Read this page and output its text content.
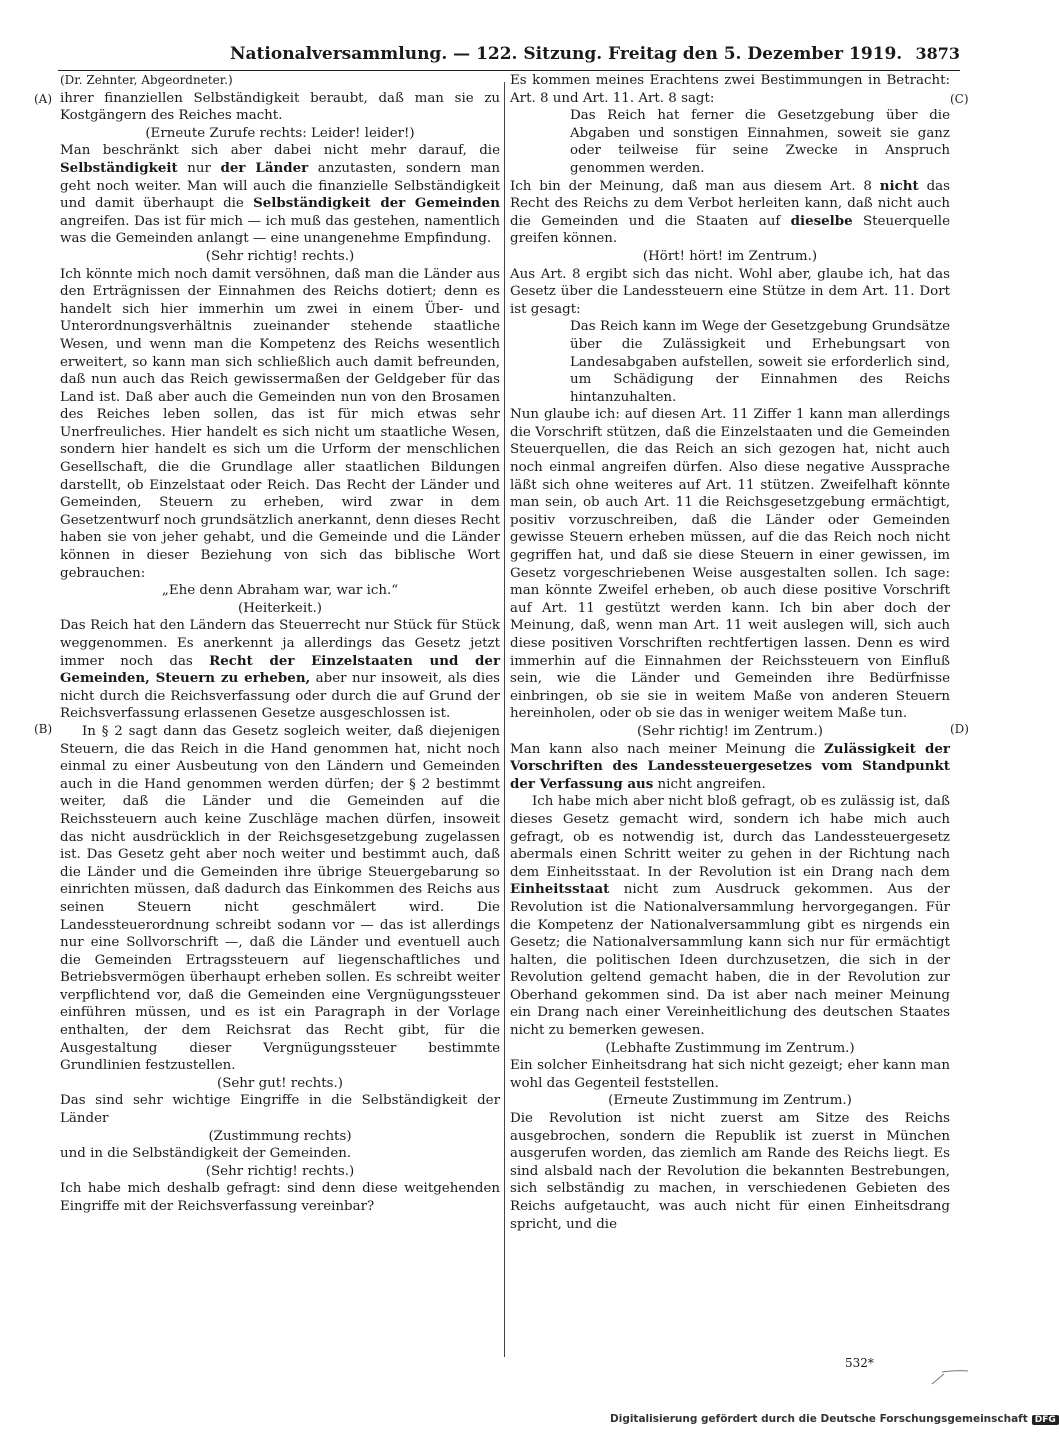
Nationalversammlung. — 122. Sitzung. Freitag den 5. Dezember 1919. 3873
(A)
(B)
(C)
(D)

(Dr. Zehnter, Abgeordneter.)

ihrer finanziellen Selbständigkeit beraubt, daß man sie zu Kostgängern des Reiches macht.

(Erneute Zurufe rechts: Leider! leider!)

Man beschränkt sich aber dabei nicht mehr darauf, die Selbständigkeit nur der Länder anzutasten, sondern man geht noch weiter. Man will auch die finanzielle Selbständigkeit und damit überhaupt die Selbständigkeit der Gemeinden angreifen. Das ist für mich — ich muß das gestehen, namentlich was die Gemeinden anlangt — eine unangenehme Empfindung.

(Sehr richtig! rechts.)

Ich könnte mich noch damit versöhnen, daß man die Länder aus den Erträgnissen der Einnahmen des Reichs dotiert; denn es handelt sich hier immerhin um zwei in einem Über- und Unterordnungsverhältnis zueinander stehende staatliche Wesen, und wenn man die Kompetenz des Reichs wesentlich erweitert, so kann man sich schließlich auch damit befreunden, daß nun auch das Reich gewissermaßen der Geldgeber für das Land ist. Daß aber auch die Gemeinden nun von den Brosamen des Reiches leben sollen, das ist für mich etwas sehr Unerfreuliches. Hier handelt es sich nicht um staatliche Wesen, sondern hier handelt es sich um die Urform der menschlichen Gesellschaft, die die Grundlage aller staatlichen Bildungen darstellt, ob Einzelstaat oder Reich. Das Recht der Länder und Gemeinden, Steuern zu erheben, wird zwar in dem Gesetzentwurf noch grundsätzlich anerkannt, denn dieses Recht haben sie von jeher gehabt, und die Gemeinde und die Länder können in dieser Beziehung von sich das biblische Wort gebrauchen:

„Ehe denn Abraham war, war ich.“

(Heiterkeit.)

Das Reich hat den Ländern das Steuerrecht nur Stück für Stück weggenommen. Es anerkennt ja allerdings das Gesetz jetzt immer noch das Recht der Einzelstaaten und der Gemeinden, Steuern zu erheben, aber nur insoweit, als dies nicht durch die Reichsverfassung oder durch die auf Grund der Reichsverfassung erlassenen Gesetze ausgeschlossen ist.

In § 2 sagt dann das Gesetz sogleich weiter, daß diejenigen Steuern, die das Reich in die Hand genommen hat, nicht noch einmal zu einer Ausbeutung von den Ländern und Gemeinden auch in die Hand genommen werden dürfen; der § 2 bestimmt weiter, daß die Länder und die Gemeinden auf die Reichssteuern auch keine Zuschläge machen dürfen, insoweit das nicht ausdrücklich in der Reichsgesetzgebung zugelassen ist. Das Gesetz geht aber noch weiter und bestimmt auch, daß die Länder und die Gemeinden ihre übrige Steuergebarung so einrichten müssen, daß dadurch das Einkommen des Reichs aus seinen Steuern nicht geschmälert wird. Die Landessteuerordnung schreibt sodann vor — das ist allerdings nur eine Sollvorschrift —, daß die Länder und eventuell auch die Gemeinden Ertragssteuern auf liegenschaftliches und Betriebsvermögen überhaupt erheben sollen. Es schreibt weiter verpflichtend vor, daß die Gemeinden eine Vergnügungssteuer einführen müssen, und es ist ein Paragraph in der Vorlage enthalten, der dem Reichsrat das Recht gibt, für die Ausgestaltung dieser Vergnügungssteuer bestimmte Grundlinien festzustellen.

(Sehr gut! rechts.)

Das sind sehr wichtige Eingriffe in die Selbständigkeit der Länder

(Zustimmung rechts)

und in die Selbständigkeit der Gemeinden.

(Sehr richtig! rechts.)

Ich habe mich deshalb gefragt: sind denn diese weitgehenden Eingriffe mit der Reichsverfassung vereinbar?

Es kommen meines Erachtens zwei Bestimmungen in Betracht: Art. 8 und Art. 11. Art. 8 sagt:

Das Reich hat ferner die Gesetzgebung über die Abgaben und sonstigen Einnahmen, soweit sie ganz oder teilweise für seine Zwecke in Anspruch genommen werden.

Ich bin der Meinung, daß man aus diesem Art. 8 nicht das Recht des Reichs zu dem Verbot herleiten kann, daß nicht auch die Gemeinden und die Staaten auf dieselbe Steuerquelle greifen können.

(Hört! hört! im Zentrum.)

Aus Art. 8 ergibt sich das nicht. Wohl aber, glaube ich, hat das Gesetz über die Landessteuern eine Stütze in dem Art. 11. Dort ist gesagt:

Das Reich kann im Wege der Gesetzgebung Grundsätze über die Zulässigkeit und Erhebungsart von Landesabgaben aufstellen, soweit sie erforderlich sind, um Schädigung der Einnahmen des Reichs hintanzuhalten.

Nun glaube ich: auf diesen Art. 11 Ziffer 1 kann man allerdings die Vorschrift stützen, daß die Einzelstaaten und die Gemeinden Steuerquellen, die das Reich an sich gezogen hat, nicht auch noch einmal angreifen dürfen. Also diese negative Aussprache läßt sich ohne weiteres auf Art. 11 stützen. Zweifelhaft könnte man sein, ob auch Art. 11 die Reichsgesetzgebung ermächtigt, positiv vorzuschreiben, daß die Länder oder Gemeinden gewisse Steuern erheben müssen, auf die das Reich noch nicht gegriffen hat, und daß sie diese Steuern in einer gewissen, im Gesetz vorgeschriebenen Weise ausgestalten sollen. Ich sage: man könnte Zweifel erheben, ob auch diese positive Vorschrift auf Art. 11 gestützt werden kann. Ich bin aber doch der Meinung, daß, wenn man Art. 11 weit auslegen will, sich auch diese positiven Vorschriften rechtfertigen lassen. Denn es wird immerhin auf die Einnahmen der Reichssteuern von Einfluß sein, wie die Länder und Gemeinden ihre Bedürfnisse einbringen, ob sie sie in weitem Maße von anderen Steuern hereinholen, oder ob sie das in weniger weitem Maße tun.

(Sehr richtig! im Zentrum.)

Man kann also nach meiner Meinung die Zulässigkeit der Vorschriften des Landessteuergesetzes vom Standpunkt der Verfassung aus nicht angreifen.

Ich habe mich aber nicht bloß gefragt, ob es zulässig ist, daß dieses Gesetz gemacht wird, sondern ich habe mich auch gefragt, ob es notwendig ist, durch das Landessteuergesetz abermals einen Schritt weiter zu gehen in der Richtung nach dem Einheitsstaat. In der Revolution ist ein Drang nach dem Einheitsstaat nicht zum Ausdruck gekommen. Aus der Revolution ist die Nationalversammlung hervorgegangen. Für die Kompetenz der Nationalversammlung gibt es nirgends ein Gesetz; die Nationalversammlung kann sich nur für ermächtigt halten, die politischen Ideen durchzusetzen, die sich in der Revolution geltend gemacht haben, die in der Revolution zur Oberhand gekommen sind. Da ist aber nach meiner Meinung ein Drang nach einer Vereinheitlichung des deutschen Staates nicht zu bemerken gewesen.

(Lebhafte Zustimmung im Zentrum.)

Ein solcher Einheitsdrang hat sich nicht gezeigt; eher kann man wohl das Gegenteil feststellen.

(Erneute Zustimmung im Zentrum.)

Die Revolution ist nicht zuerst am Sitze des Reichs ausgebrochen, sondern die Republik ist zuerst in München ausgerufen worden, das ziemlich am Rande des Reichs liegt. Es sind alsbald nach der Revolution die bekannten Bestrebungen, sich selbständig zu machen, in verschiedenen Gebieten des Reichs aufgetaucht, was auch nicht für einen Einheitsdrang spricht, und die

532*
Digitalisierung gefördert durch die Deutsche Forschungsgemeinschaft DFG
